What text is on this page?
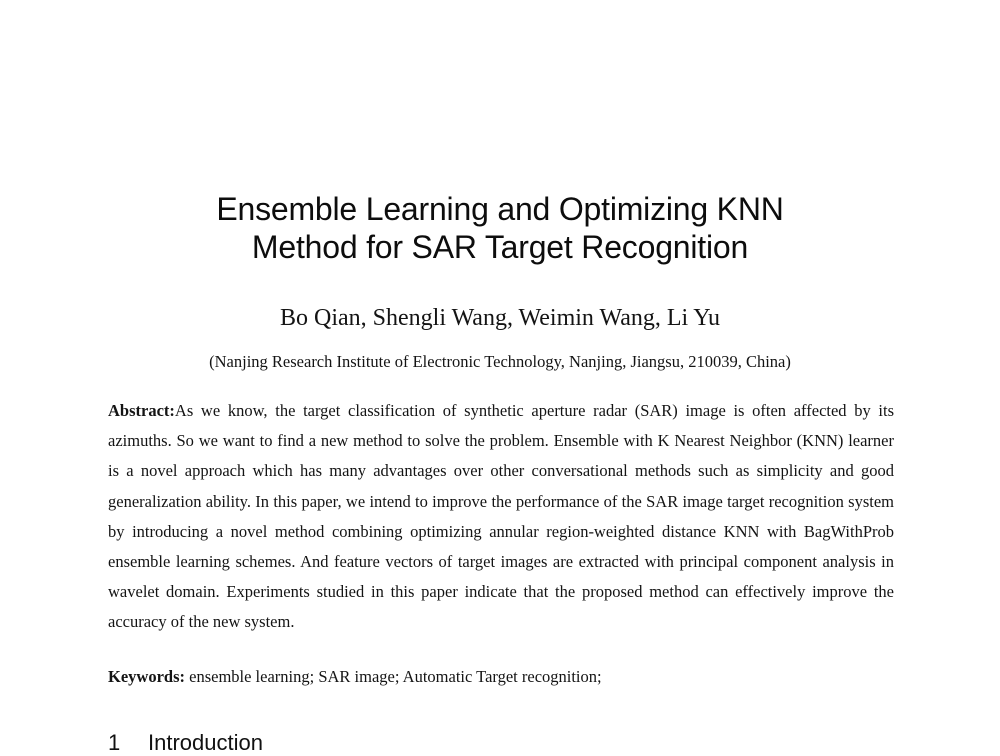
Ensemble Learning and Optimizing KNN
Method for SAR Target Recognition
Bo Qian, Shengli Wang, Weimin Wang, Li Yu
(Nanjing Research Institute of Electronic Technology, Nanjing, Jiangsu, 210039, China)
Abstract:As we know, the target classification of synthetic aperture radar (SAR) image is often affected by its azimuths. So we want to find a new method to solve the problem. Ensemble with K Nearest Neighbor (KNN) learner is a novel approach which has many advantages over other conversational methods such as simplicity and good generalization ability. In this paper, we intend to improve the performance of the SAR image target recognition system by introducing a novel method combining optimizing annular region-weighted distance KNN with BagWithProb ensemble learning schemes. And feature vectors of target images are extracted with principal component analysis in wavelet domain. Experiments studied in this paper indicate that the proposed method can effectively improve the accuracy of the new system.
Keywords: ensemble learning; SAR image; Automatic Target recognition;
1 Introduction
